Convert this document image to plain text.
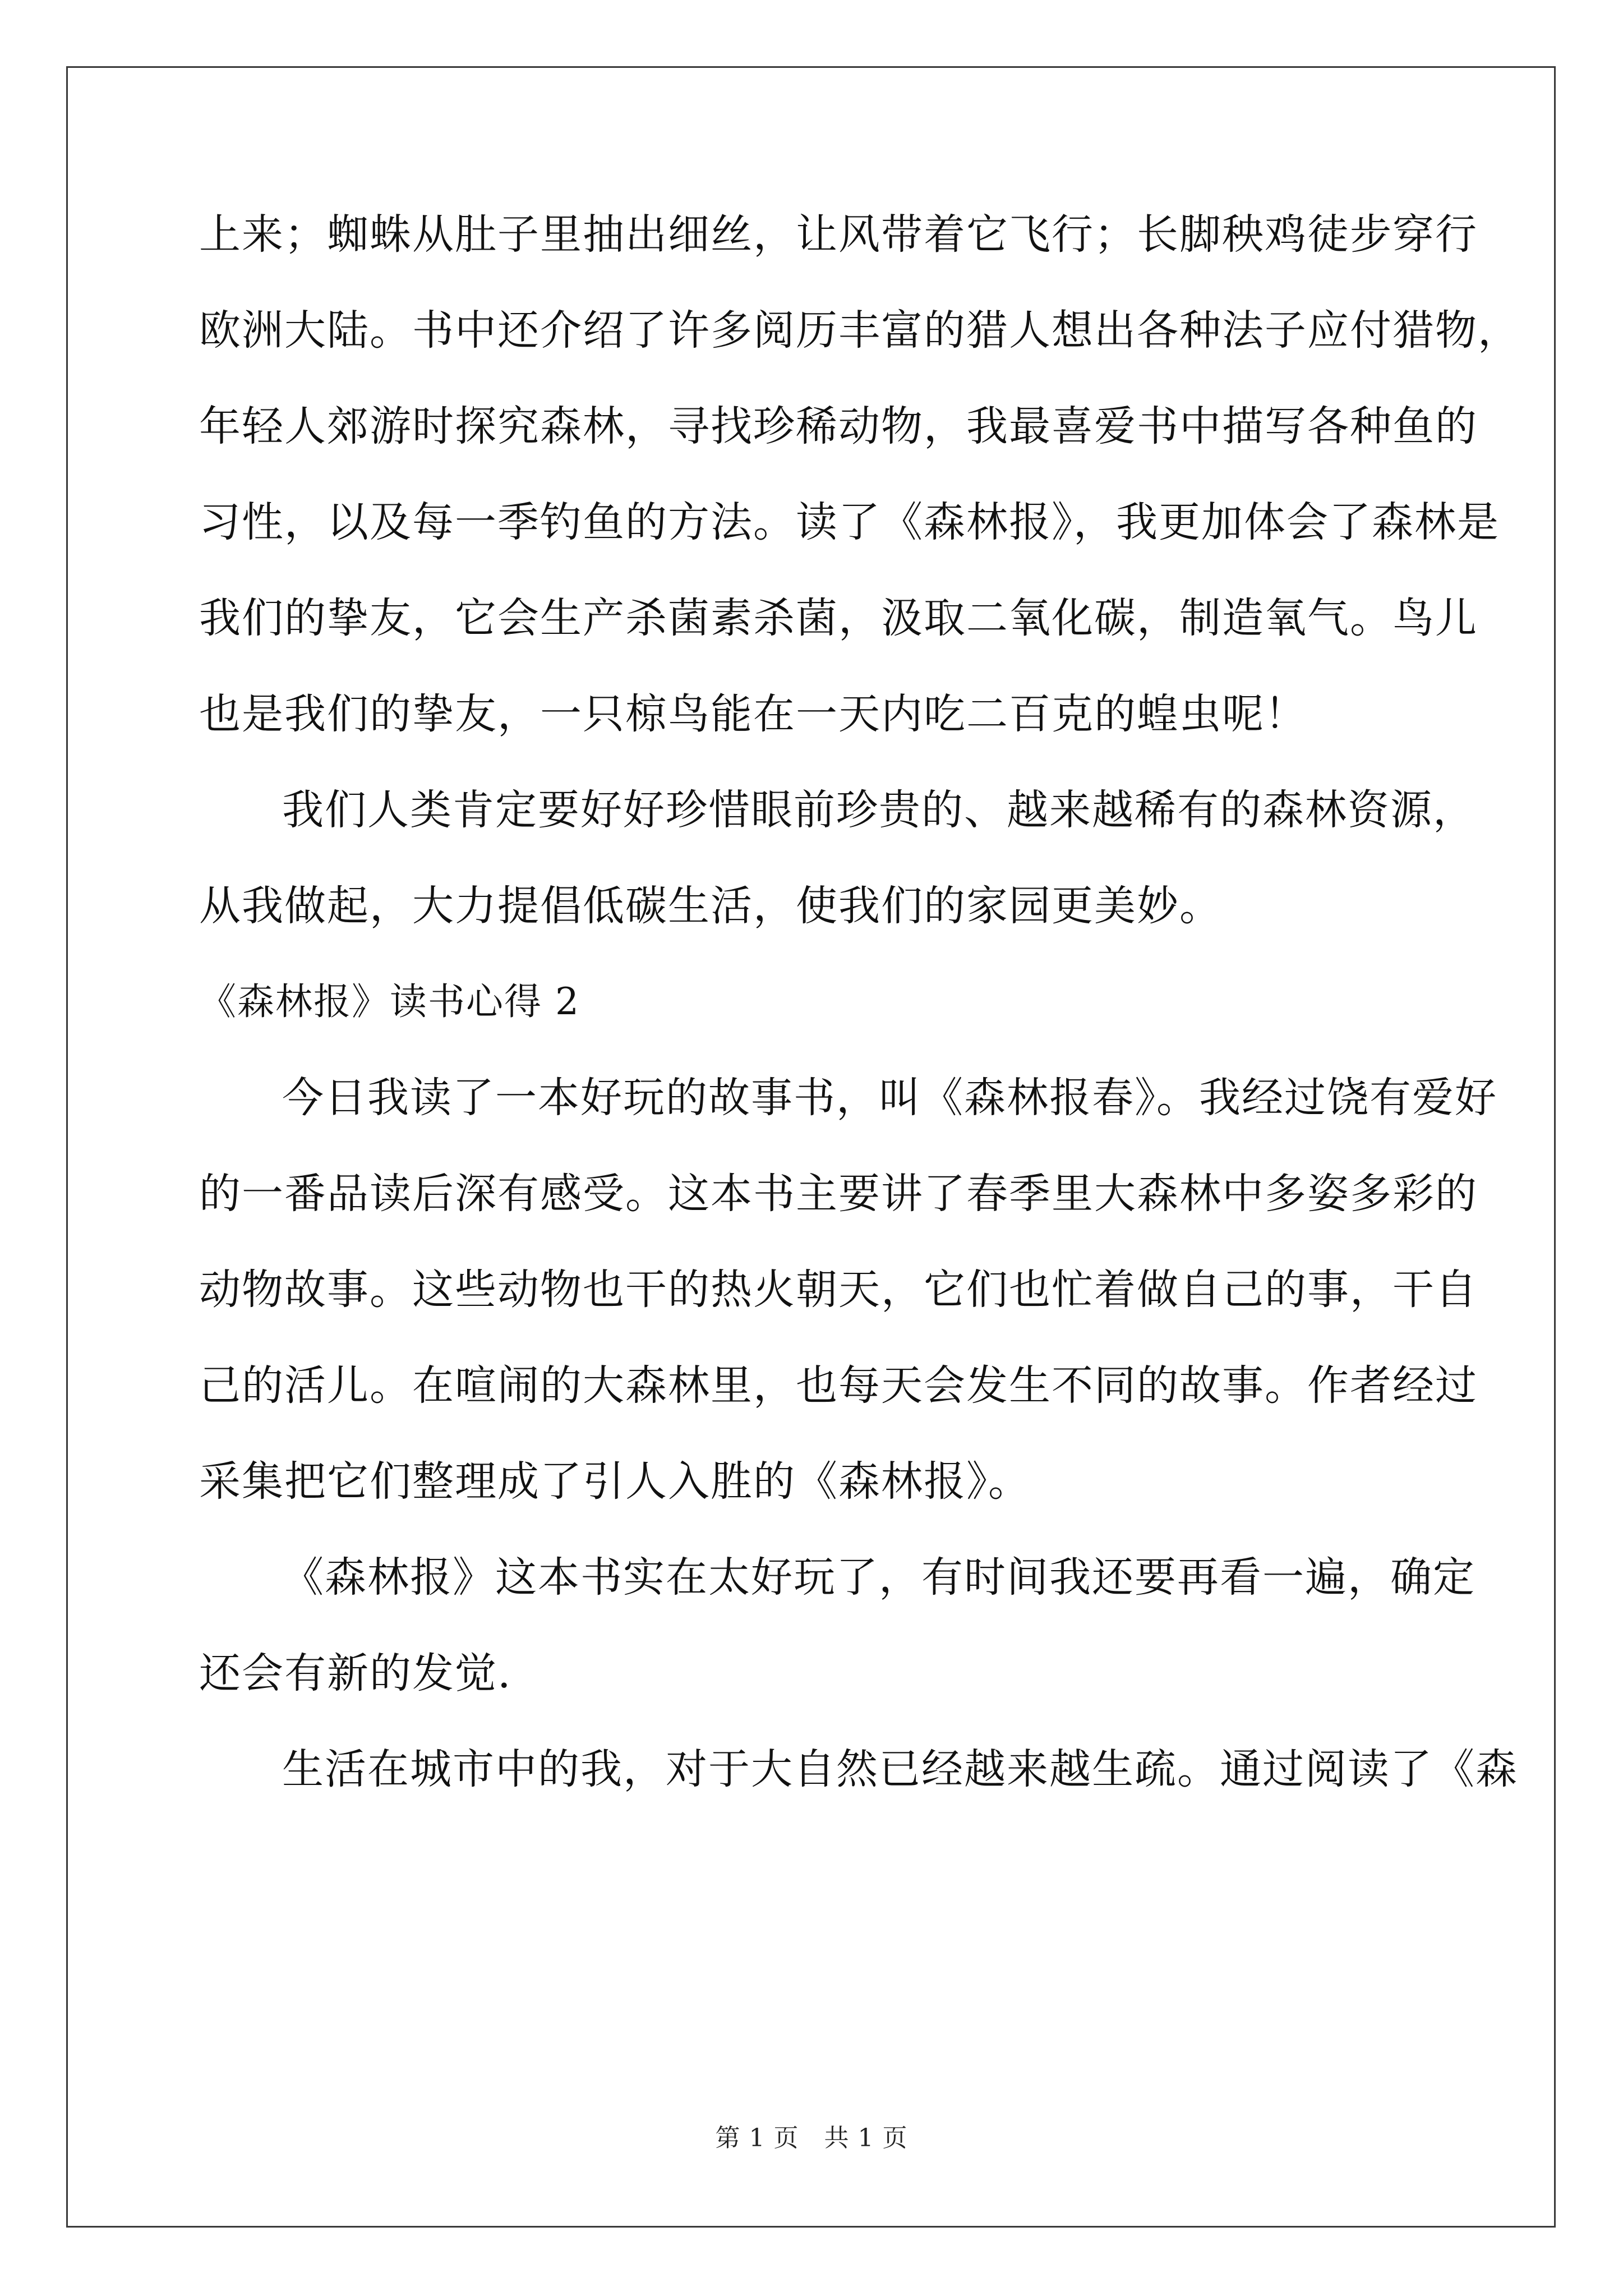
上来；蜘蛛从肚子里抽出细丝，让风带着它飞行；长脚秧鸡徒步穿行
欧洲大陆。书中还介绍了许多阅历丰富的猎人想出各种法子应付猎物，
年轻人郊游时探究森林，寻找珍稀动物，我最喜爱书中描写各种鱼的
习性，以及每一季钓鱼的方法。读了《森林报》，我更加体会了森林是
我们的挚友，它会生产杀菌素杀菌，汲取二氧化碳，制造氧气。鸟儿
也是我们的挚友，一只椋鸟能在一天内吃二百克的蝗虫呢！
我们人类肯定要好好珍惜眼前珍贵的、越来越稀有的森林资源，
从我做起，大力提倡低碳生活，使我们的家园更美妙。
《森林报》读书心得 2
今日我读了一本好玩的故事书，叫《森林报春》。我经过饶有爱好
的一番品读后深有感受。这本书主要讲了春季里大森林中多姿多彩的
动物故事。这些动物也干的热火朝天，它们也忙着做自己的事，干自
己的活儿。在喧闹的大森林里，也每天会发生不同的故事。作者经过
采集把它们整理成了引人入胜的《森林报》。
《森林报》这本书实在太好玩了，有时间我还要再看一遍，确定
还会有新的发觉.
生活在城市中的我，对于大自然已经越来越生疏。通过阅读了《森
第 1 页　共 1 页
